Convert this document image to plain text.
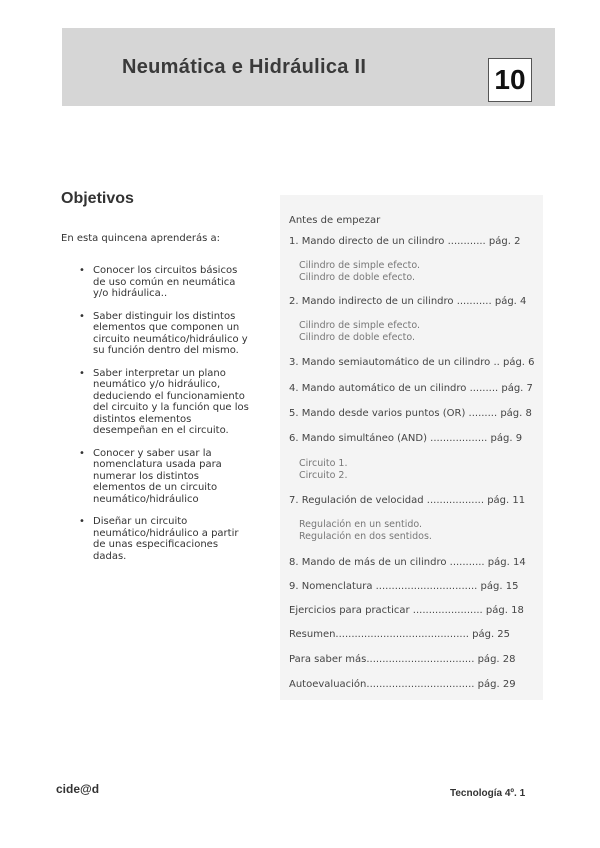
Neumática e Hidráulica II	10
Objetivos
En esta quincena aprenderás a:
• Conocer los circuitos básicos de uso común en neumática y/o hidráulica..
• Saber distinguir los distintos elementos que componen un circuito neumático/hidráulico y su función dentro del mismo.
• Saber interpretar un plano neumático y/o hidráulico, deduciendo el funcionamiento del circuito y la función que los distintos elementos desempeñan en el circuito.
• Conocer y saber usar la nomenclatura usada para numerar los distintos elementos de un circuito neumático/hidráulico
• Diseñar un circuito neumático/hidráulico a partir de unas especificaciones dadas.
Antes de empezar
1. Mando directo de un cilindro ............ pág. 2
Cilindro de simple efecto.
Cilindro de doble efecto.
2. Mando indirecto de un cilindro ........... pág. 4
Cilindro de simple efecto.
Cilindro de doble efecto.
3. Mando semiautomático de un cilindro .. pág. 6
4. Mando automático de un cilindro ......... pág. 7
5. Mando desde varios puntos (OR) ......... pág. 8
6. Mando simultáneo (AND) .................. pág. 9
Circuito 1.
Circuito 2.
7. Regulación de velocidad .................. pág. 11
Regulación en un sentido.
Regulación en dos sentidos.
8. Mando de más de un cilindro ........... pág. 14
9. Nomenclatura ................................ pág. 15
Ejercicios para practicar ...................... pág. 18
Resumen.......................................... pág. 25
Para saber más.................................. pág. 28
Autoevaluación.................................. pág. 29
cide@d	Tecnología 4º. 1
